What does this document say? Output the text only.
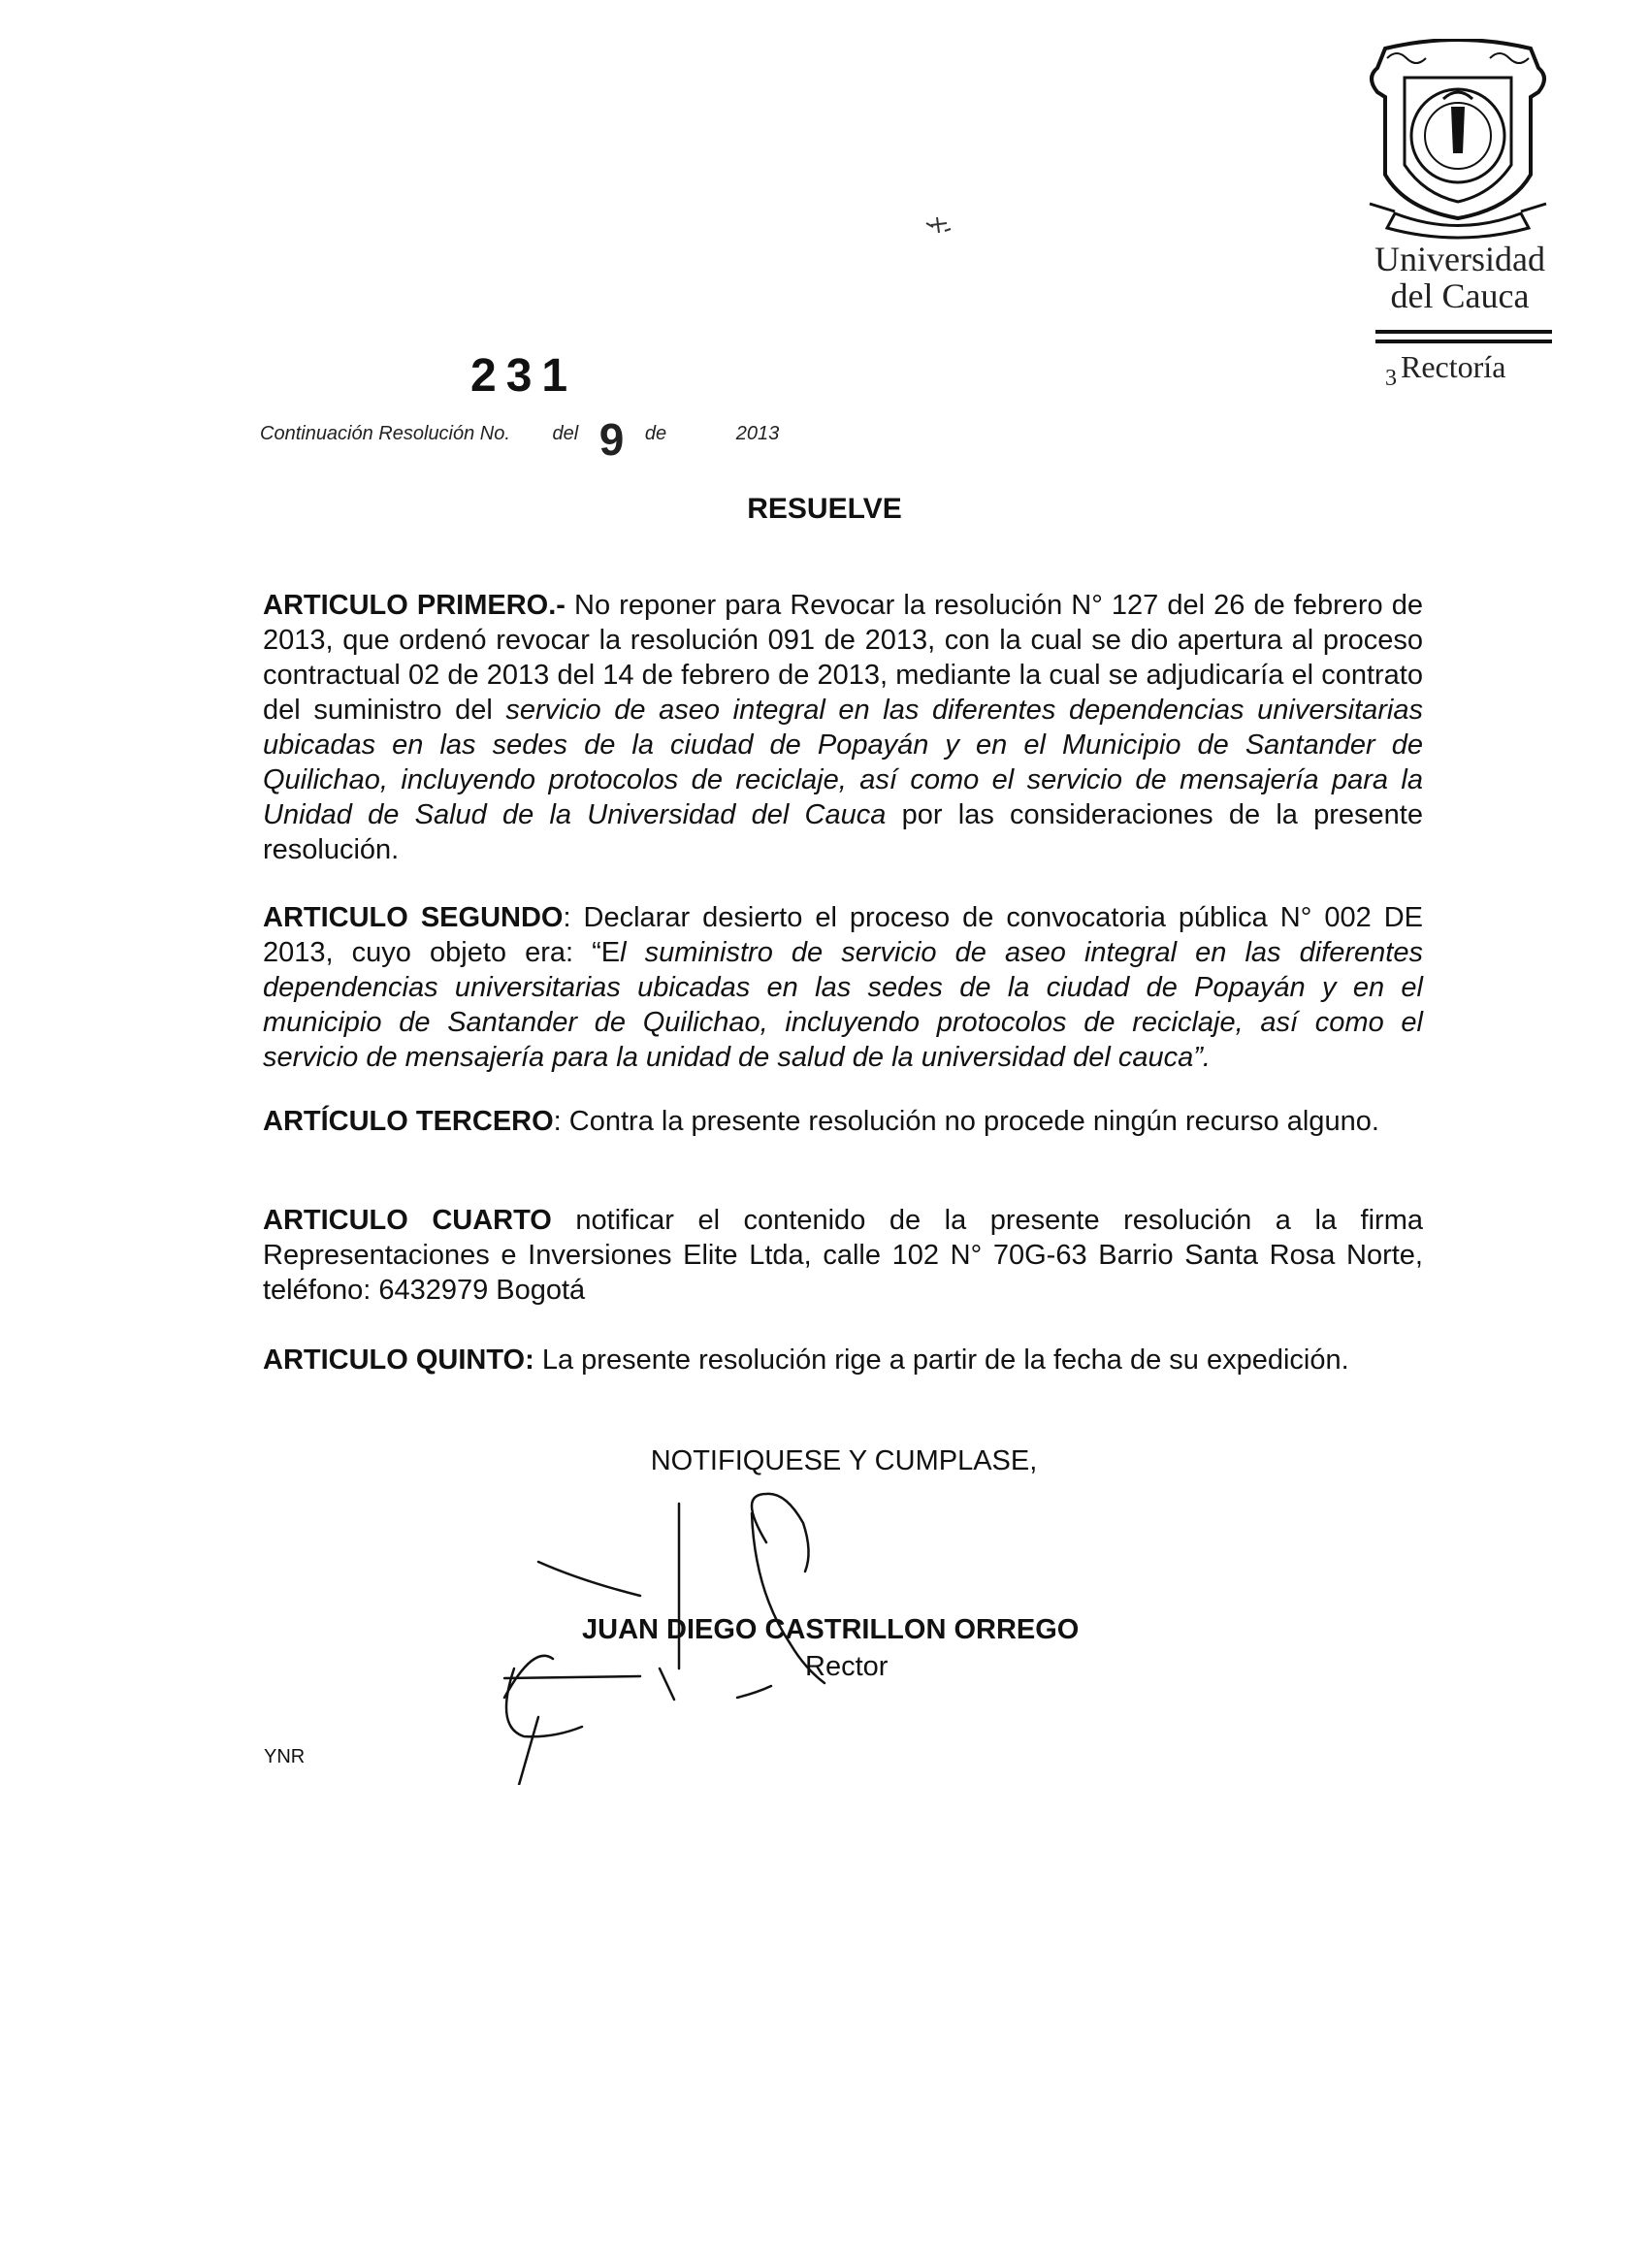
Universidad
del Cauca
$_3$ Rectoría
231
Continuación Resolución No. del 9 de	2013
RESUELVE
ARTICULO PRIMERO.- No reponer para Revocar la resolución N° 127 del 26 de febrero de 2013, que ordenó revocar la resolución 091 de 2013, con la cual se dio apertura al proceso contractual 02 de 2013 del 14 de febrero de 2013, mediante la cual se adjudicaría el contrato del suministro del servicio de aseo integral en las diferentes dependencias universitarias ubicadas en las sedes de la ciudad de Popayán y en el Municipio de Santander de Quilichao, incluyendo protocolos de reciclaje, así como el servicio de mensajería para la Unidad de Salud de la Universidad del Cauca por las consideraciones de la presente resolución.
ARTICULO SEGUNDO: Declarar desierto el proceso de convocatoria pública N° 002 DE 2013, cuyo objeto era: “El suministro de servicio de aseo integral en las diferentes dependencias universitarias ubicadas en las sedes de la ciudad de Popayán y en el municipio de Santander de Quilichao, incluyendo protocolos de reciclaje, así como el servicio de mensajería para la unidad de salud de la universidad del cauca”.
ARTÍCULO TERCERO: Contra la presente resolución no procede ningún recurso alguno.
ARTICULO CUARTO notificar el contenido de la presente resolución a la firma Representaciones e Inversiones Elite Ltda, calle 102 N° 70G-63 Barrio Santa Rosa Norte, teléfono: 6432979 Bogotá
ARTICULO QUINTO: La presente resolución rige a partir de la fecha de su expedición.
NOTIFIQUESE Y CUMPLASE,
JUAN DIEGO CASTRILLON ORREGO
Rector
YNR
